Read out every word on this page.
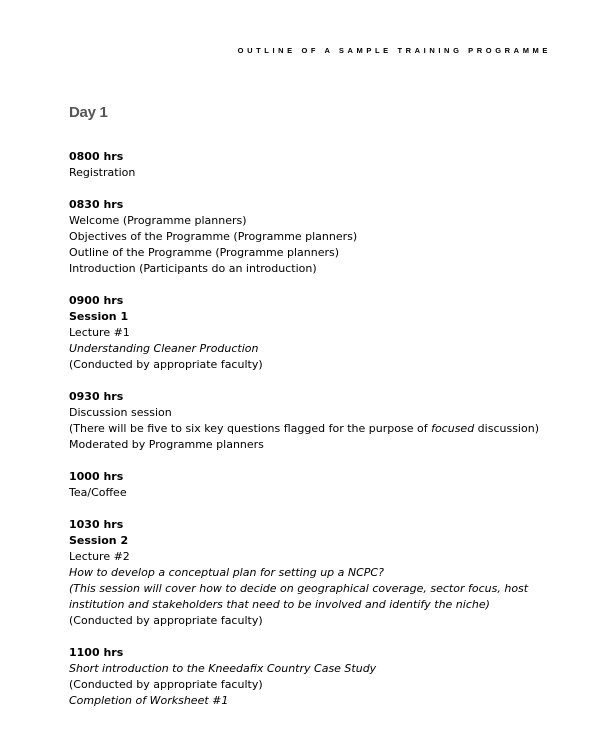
OUTLINE OF A SAMPLE TRAINING PROGRAMME
Day 1
0800 hrs
Registration
0830 hrs
Welcome (Programme planners)
Objectives of the Programme (Programme planners)
Outline of the Programme (Programme planners)
Introduction (Participants do an introduction)
0900 hrs
Session 1
Lecture #1
Understanding Cleaner Production
(Conducted by appropriate faculty)
0930 hrs
Discussion session
(There will be five to six key questions flagged for the purpose of focused discussion)
Moderated by Programme planners
1000 hrs
Tea/Coffee
1030 hrs
Session 2
Lecture #2
How to develop a conceptual plan for setting up a NCPC?
(This session will cover how to decide on geographical coverage, sector focus, host
institution and stakeholders that need to be involved and identify the niche)
(Conducted by appropriate faculty)
1100 hrs
Short introduction to the Kneedafix Country Case Study
(Conducted by appropriate faculty)
Completion of Worksheet #1
